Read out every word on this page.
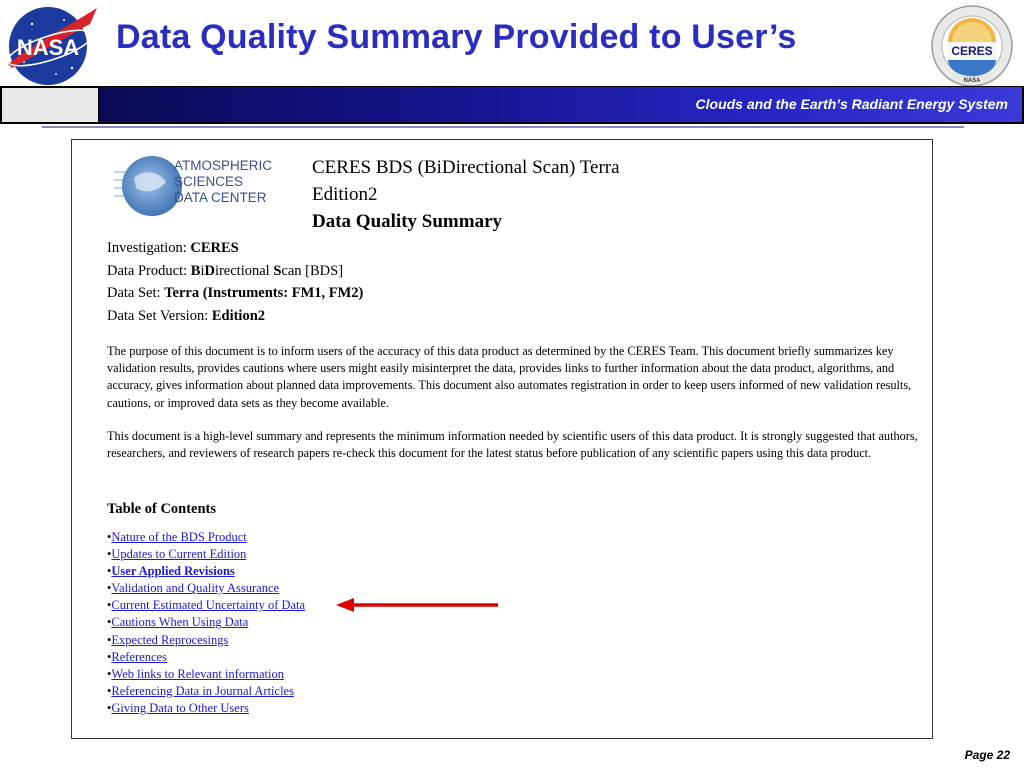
NASA Data Quality Summary Provided to User’s	CERES
NASA
Clouds and the Earth’s Radiant Energy System
ATMOSPHERIC
SCIENCES
DATA CENTER
CERES BDS (BiDirectional Scan) Terra
Edition2
Data Quality Summary
Investigation: CERES
Data Product: BiDirectional Scan [BDS]
Data Set: Terra (Instruments: FM1, FM2)
Data Set Version: Edition2
The purpose of this document is to inform users of the accuracy of this data product as determined by the CERES Team. This document briefly summarizes key validation results, provides cautions where users might easily misinterpret the data, provides links to further information about the data product, algorithms, and accuracy, gives information about planned data improvements. This document also automates registration in order to keep users informed of new validation results, cautions, or improved data sets as they become available.
This document is a high-level summary and represents the minimum information needed by scientific users of this data product. It is strongly suggested that authors, researchers, and reviewers of research papers re-check this document for the latest status before publication of any scientific papers using this data product.
Table of Contents
•Nature of the BDS Product
•Updates to Current Edition
•User Applied Revisions
•Validation and Quality Assurance
•Current Estimated Uncertainty of Data
•Cautions When Using Data
•Expected Reprocesings
•References
•Web links to Relevant information
•Referencing Data in Journal Articles
•Giving Data to Other Users
Page 22
